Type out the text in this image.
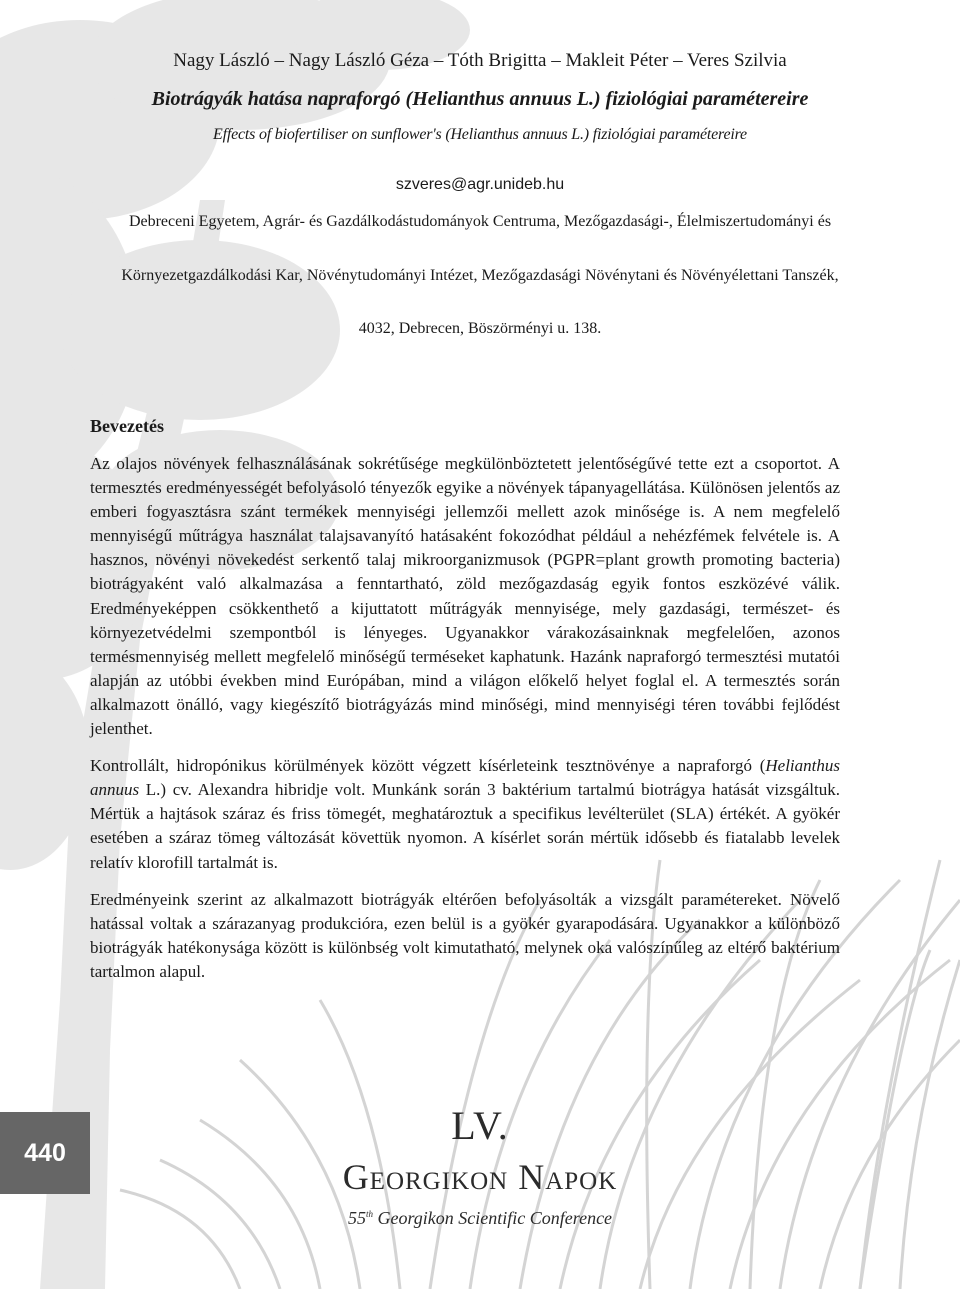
Nagy László – Nagy László Géza – Tóth Brigitta – Makleit Péter – Veres Szilvia
Biotrágyák hatása napraforgó (Helianthus annuus L.) fiziológiai paramétereire
Effects of biofertiliser on sunflower's (Helianthus annuus L.) fiziológiai paramétereire
szveres@agr.unideb.hu
Debreceni Egyetem, Agrár- és Gazdálkodástudományok Centruma, Mezőgazdasági-, Élelmiszertudományi és
Környezetgazdálkodási Kar, Növénytudományi Intézet, Mezőgazdasági Növénytani és Növényélettani Tanszék,
4032, Debrecen, Böszörményi u. 138.
Bevezetés

Az olajos növények felhasználásának sokrétűsége megkülönböztetett jelentőségűvé tette ezt a csoportot. A termesztés eredményességét befolyásoló tényezők egyike a növények tápanyagellátása. Különösen jelentős az emberi fogyasztásra szánt termékek mennyiségi jellemzői mellett azok minősége is. A nem megfelelő mennyiségű műtrágya használat talajsavanyító hatásaként fokozódhat például a nehézfémek felvétele is. A hasznos, növényi növekedést serkentő talaj mikroorganizmusok (PGPR=plant growth promoting bacteria) biotrágyaként való alkalmazása a fenntartható, zöld mezőgazdaság egyik fontos eszközévé válik. Eredményeképpen csökkenthető a kijuttatott műtrágyák mennyisége, mely gazdasági, természet- és környezetvédelmi szempontból is lényeges. Ugyanakkor várakozásainknak megfelelően, azonos termésmennyiség mellett megfelelő minőségű terméseket kaphatunk. Hazánk napraforgó termesztési mutatói alapján az utóbbi években mind Európában, mind a világon előkelő helyet foglal el. A termesztés során alkalmazott önálló, vagy kiegészítő biotrágyázás mind minőségi, mind mennyiségi téren további fejlődést jelenthet.

Kontrollált, hidropónikus körülmények között végzett kísérleteink tesztnövénye a napraforgó (Helianthus annuus L.) cv. Alexandra hibridje volt. Munkánk során 3 baktérium tartalmú biotrágya hatását vizsgáltuk. Mértük a hajtások száraz és friss tömegét, meghatároztuk a specifikus levélterület (SLA) értékét. A gyökér esetében a száraz tömeg változását követtük nyomon. A kísérlet során mértük idősebb és fiatalabb levelek relatív klorofill tartalmát is.

Eredményeink szerint az alkalmazott biotrágyák eltérően befolyásolták a vizsgált paramétereket. Növelő hatással voltak a szárazanyag produkcióra, ezen belül is a gyökér gyarapodására. Ugyanakkor a különböző biotrágyák hatékonysága között is különbség volt kimutatható, melynek oka valószínűleg az eltérő baktérium tartalmon alapul.

440
LV.
Georgikon Napok
55th Georgikon Scientific Conference
